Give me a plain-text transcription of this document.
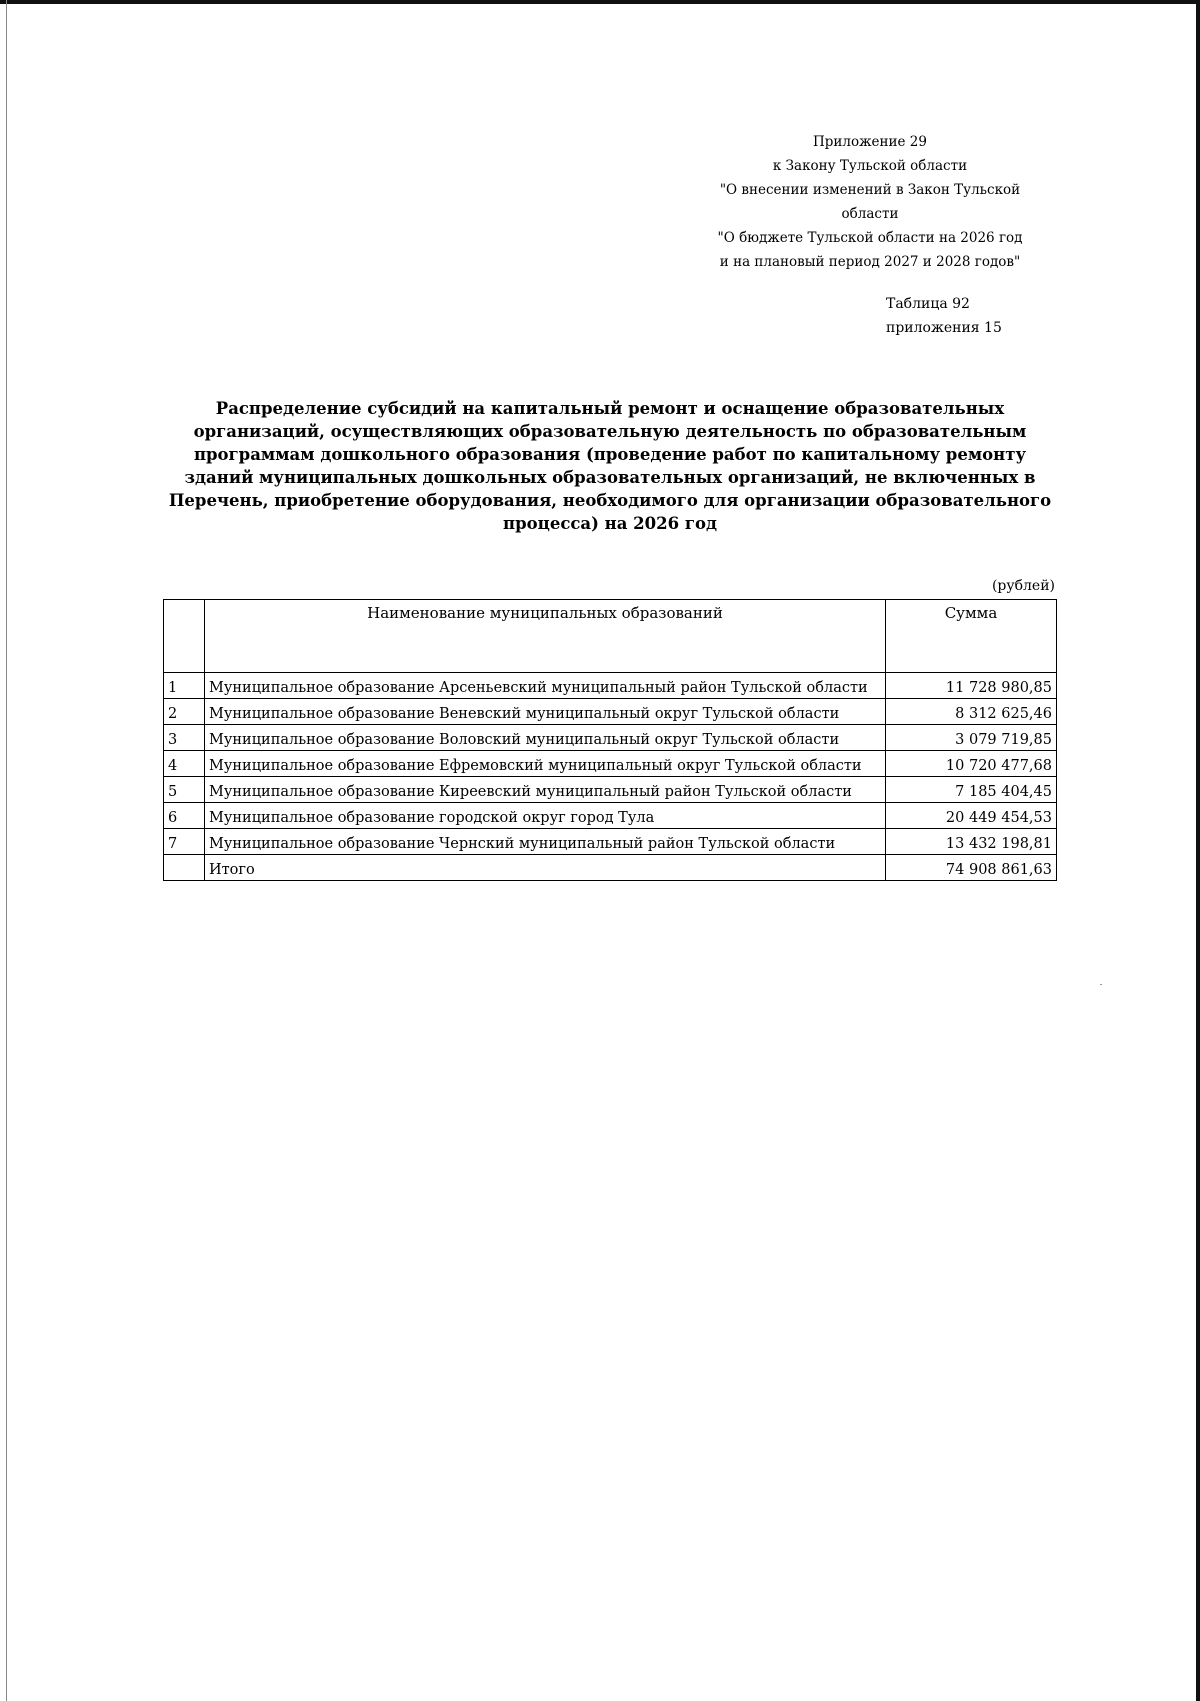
Приложение 29
к Закону Тульской области
"О внесении изменений в Закон Тульской области
"О бюджете Тульской области на 2026 год
и на плановый период 2027 и 2028 годов"
Таблица 92
приложения 15
Распределение субсидий на капитальный ремонт и оснащение образовательных организаций, осуществляющих образовательную деятельность по образовательным программам дошкольного образования (проведение работ по капитальному ремонту зданий муниципальных дошкольных образовательных организаций, не включенных в Перечень, приобретение оборудования, необходимого для организации образовательного процесса) на 2026 год
(рублей)
	Наименование муниципальных образований	Сумма
1	Муниципальное образование Арсеньевский муниципальный район Тульской области	11 728 980,85
2	Муниципальное образование Веневский муниципальный округ Тульской области	8 312 625,46
3	Муниципальное образование Воловский муниципальный округ Тульской области	3 079 719,85
4	Муниципальное образование Ефремовский муниципальный округ Тульской области	10 720 477,68
5	Муниципальное образование Киреевский муниципальный район Тульской области	7 185 404,45
6	Муниципальное образование городской округ город Тула	20 449 454,53
7	Муниципальное образование Чернский муниципальный район Тульской области	13 432 198,81
	Итого	74 908 861,63
